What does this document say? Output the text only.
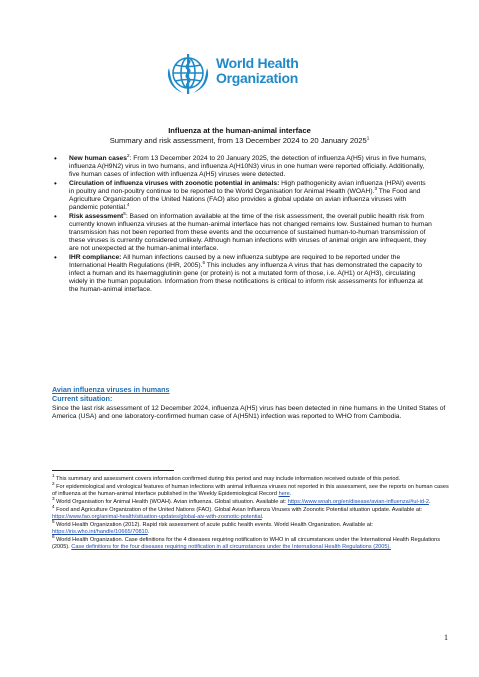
World Health
Organization
Influenza at the human-animal interface
Summary and risk assessment, from 13 December 2024 to 20 January 2025$^1$
• New human cases$^2$: From 13 December 2024 to 20 January 2025, the detection of influenza A(H5) virus in five humans, influenza A(H9N2) virus in two humans, and influenza A(H10N3) virus in one human were reported officially. Additionally, five human cases of infection with influenza A(H5) viruses were detected.
• Circulation of influenza viruses with zoonotic potential in animals: High pathogenicity avian influenza (HPAI) events in poultry and non-poultry continue to be reported to the World Organisation for Animal Health (WOAH).$^3$ The Food and Agriculture Organization of the United Nations (FAO) also provides a global update on avian influenza viruses with pandemic potential.$^4$
• Risk assessment$^5$: Based on information available at the time of the risk assessment, the overall public health risk from currently known influenza viruses at the human-animal interface has not changed remains low. Sustained human to human transmission has not been reported from these events and the occurrence of sustained human-to-human transmission of these viruses is currently considered unlikely. Although human infections with viruses of animal origin are infrequent, they are not unexpected at the human-animal interface.
• IHR compliance: All human infections caused by a new influenza subtype are required to be reported under the International Health Regulations (IHR, 2005).$^6$ This includes any influenza A virus that has demonstrated the capacity to infect a human and its haemagglutinin gene (or protein) is not a mutated form of those, i.e. A(H1) or A(H3), circulating widely in the human population. Information from these notifications is critical to inform risk assessments for influenza at the human-animal interface.
Avian influenza viruses in humans
Current situation:
Since the last risk assessment of 12 December 2024, influenza A(H5) virus has been detected in nine humans in the United States of America (USA) and one laboratory-confirmed human case of A(H5N1) infection was reported to WHO from Cambodia.

$^1$ This summary and assessment covers information confirmed during this period and may include information received outside of this period.

$^2$ For epidemiological and virological features of human infections with animal influenza viruses not reported in this assessment, see the reports on human cases of influenza at the human-animal interface published in the Weekly Epidemiological Record here.

$^3$ World Organisation for Animal Health (WOAH). Avian influenza. Global situation. Available at: https://www.woah.org/en/disease/avian-influenza/#ui-id-2.

$^4$ Food and Agriculture Organization of the United Nations (FAO). Global Avian Influenza Viruses with Zoonotic Potential situation update. Available at: https://www.fao.org/animal-health/situation-updates/global-aiv-with-zoonotic-potential.

$^5$ World Health Organization (2012). Rapid risk assessment of acute public health events. World Health Organization. Available at: https://iris.who.int/handle/10665/70810.

$^6$ World Health Organization. Case definitions for the 4 diseases requiring notification to WHO in all circumstances under the International Health Regulations (2005). Case definitions for the four diseases requiring notification in all circumstances under the International Health Regulations (2005).

1
